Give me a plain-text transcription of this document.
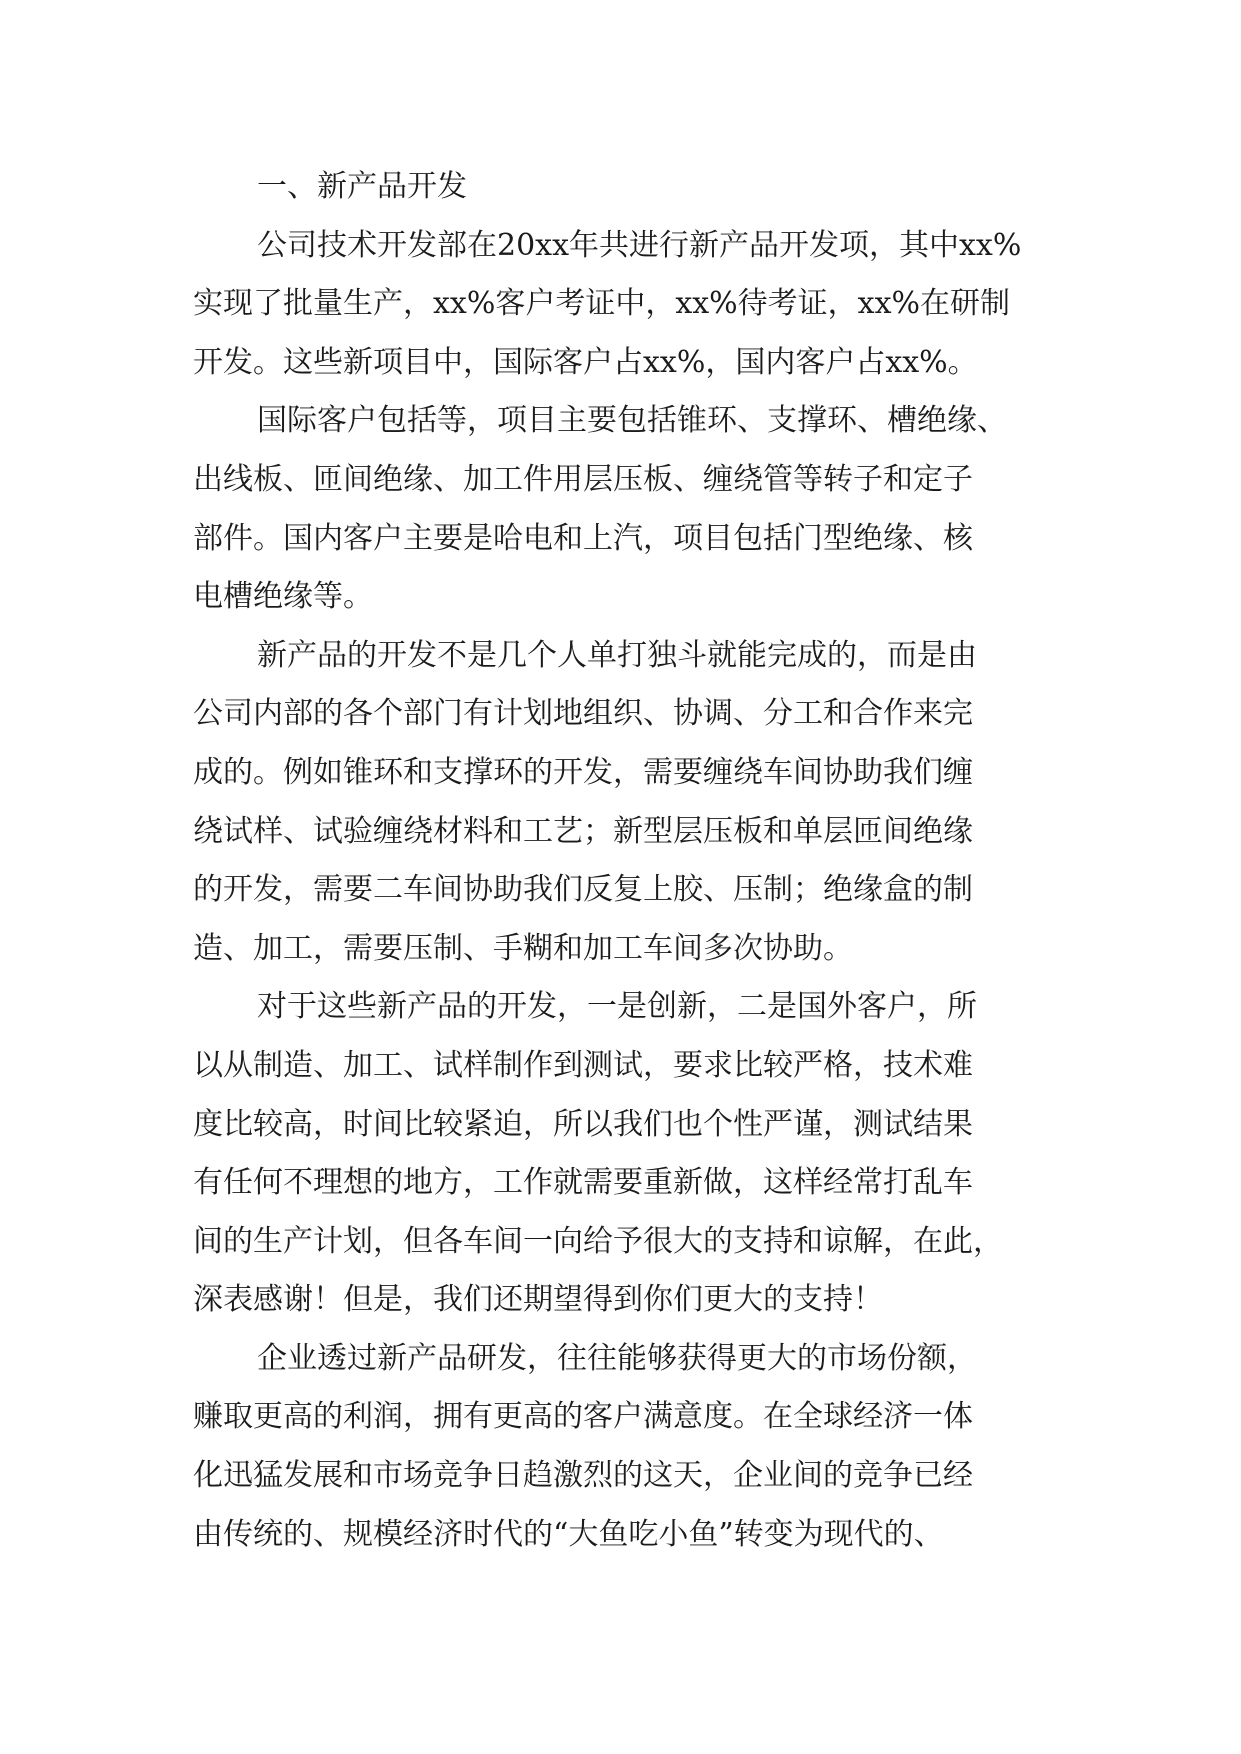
一、新产品开发
公司技术开发部在20xx年共进行新产品开发项，其中xx%
实现了批量生产，xx%客户考证中，xx%待考证，xx%在研制
开发。这些新项目中，国际客户占xx%，国内客户占xx%。
国际客户包括等，项目主要包括锥环、支撑环、槽绝缘、
出线板、匝间绝缘、加工件用层压板、缠绕管等转子和定子
部件。国内客户主要是哈电和上汽，项目包括门型绝缘、核
电槽绝缘等。
新产品的开发不是几个人单打独斗就能完成的，而是由
公司内部的各个部门有计划地组织、协调、分工和合作来完
成的。例如锥环和支撑环的开发，需要缠绕车间协助我们缠
绕试样、试验缠绕材料和工艺；新型层压板和单层匝间绝缘
的开发，需要二车间协助我们反复上胶、压制；绝缘盒的制
造、加工，需要压制、手糊和加工车间多次协助。
对于这些新产品的开发，一是创新，二是国外客户，所
以从制造、加工、试样制作到测试，要求比较严格，技术难
度比较高，时间比较紧迫，所以我们也个性严谨，测试结果
有任何不理想的地方，工作就需要重新做，这样经常打乱车
间的生产计划，但各车间一向给予很大的支持和谅解，在此，
深表感谢！但是，我们还期望得到你们更大的支持！
企业透过新产品研发，往往能够获得更大的市场份额，
赚取更高的利润，拥有更高的客户满意度。在全球经济一体
化迅猛发展和市场竞争日趋激烈的这天，企业间的竞争已经
由传统的、规模经济时代的“大鱼吃小鱼”转变为现代的、
